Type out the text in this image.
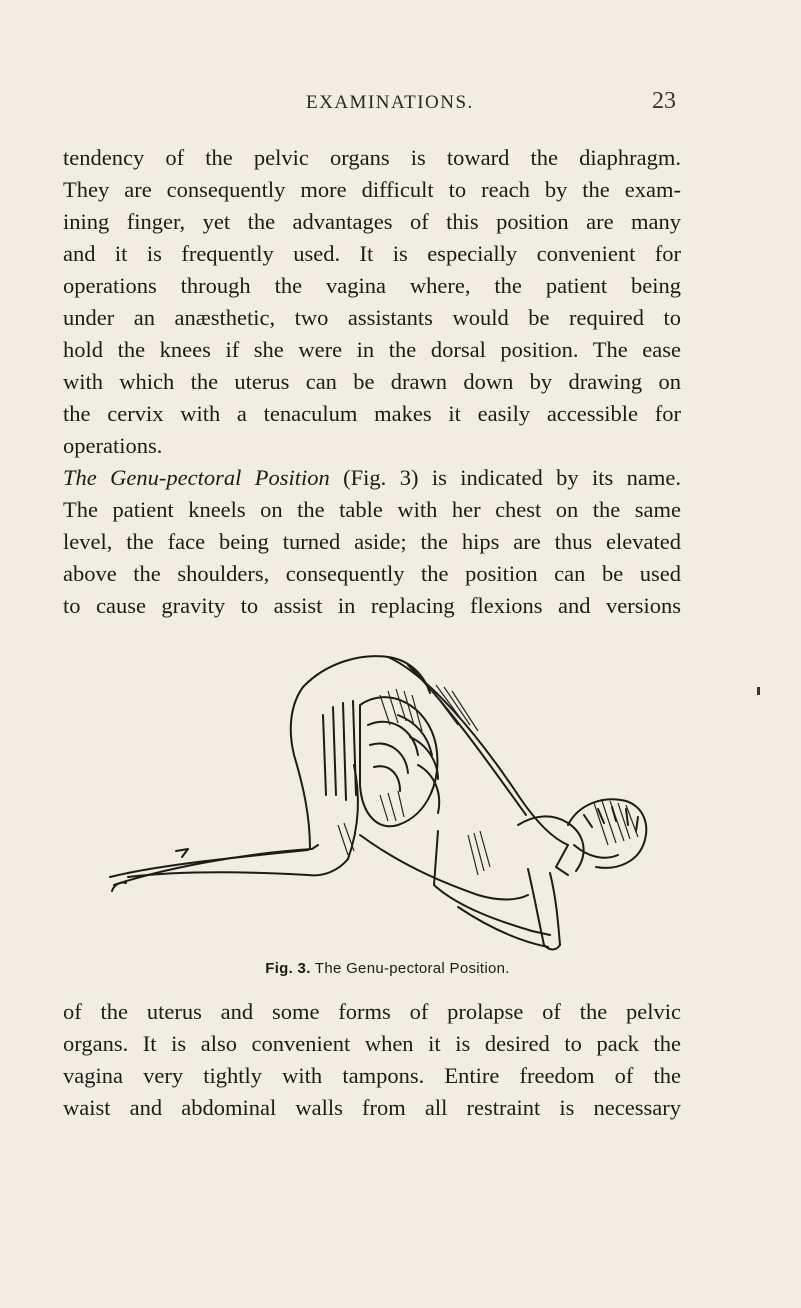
EXAMINATIONS.	23
tendency of the pelvic organs is toward the diaphragm.
They are consequently more difficult to reach by the exam-
ining finger, yet the advantages of this position are many
and it is frequently used. It is especially convenient for
operations through the vagina where, the patient being
under an anæsthetic, two assistants would be required to
hold the knees if she were in the dorsal position. The ease
with which the uterus can be drawn down by drawing on
the cervix with a tenaculum makes it easily accessible for
operations.
The Genu-pectoral Position (Fig. 3) is indicated by its name.
The patient kneels on the table with her chest on the same
level, the face being turned aside; the hips are thus elevated
above the shoulders, consequently the position can be used
to cause gravity to assist in replacing flexions and versions
Fig. 3. The Genu-pectoral Position.
of the uterus and some forms of prolapse of the pelvic
organs. It is also convenient when it is desired to pack the
vagina very tightly with tampons. Entire freedom of the
waist and abdominal walls from all restraint is necessary
